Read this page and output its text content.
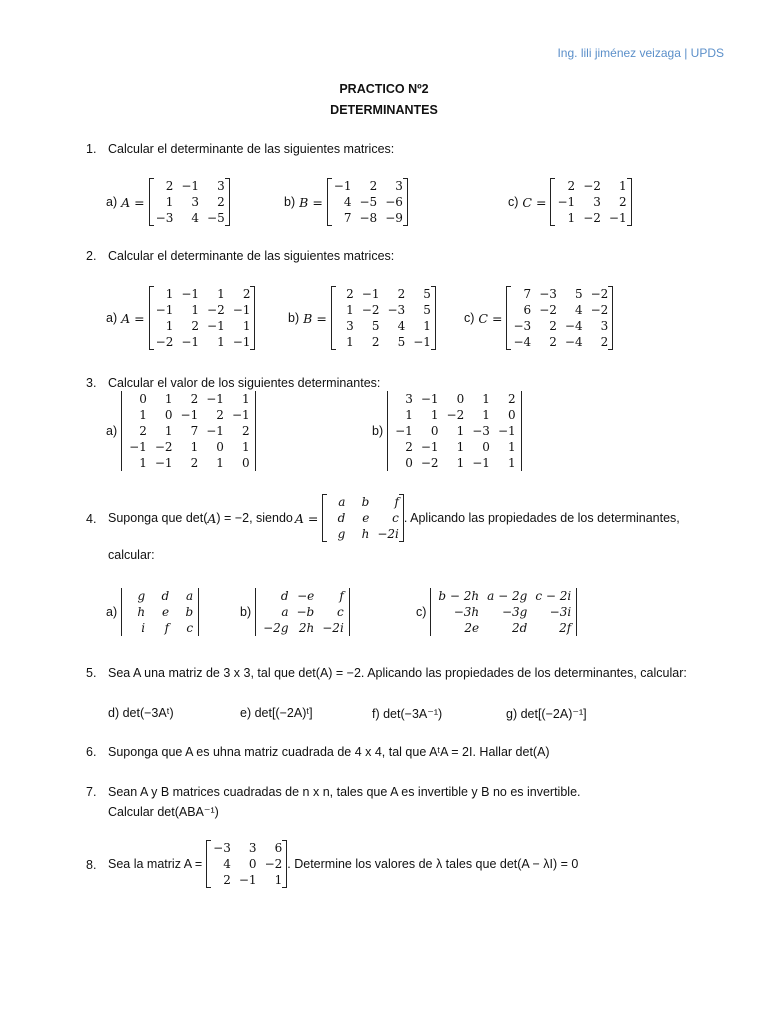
Ing. lili jiménez veizaga | UPDS
PRACTICO Nº2
DETERMINANTES
1. Calcular el determinante de las siguientes matrices:
a) A =
2	−1	3
1	3	2
−3	4	−5

b) B =
−1	2	3
4	−5	−6
7	−8	−9

c) C =
2	−2	1
−1	3	2
1	−2	−1

2. Calcular el determinante de las siguientes matrices:
a) A =
1	−1	1	2
−1	1	−2	−1
1	2	−1	1
−2	−1	1	−1

b) B =
2	−1	2	5
1	−2	−3	5
3	5	4	1
1	2	5	−1

c) C =
7	−3	5	−2
6	−2	4	−2
−3	2	−4	3
−4	2	−4	2

3. Calcular el valor de los siguientes determinantes:
a)
0	1	2	−1	1
1	0	−1	2	−1
2	1	7	−1	2
−1	−2	1	0	1
1	−1	2	1	0
b)
3	−1	0	1	2
1	1	−2	1	0
−1	0	1	−3	−1
2	−1	1	0	1
0	−2	1	−1	1
4. Suponga que det( A ) = −2, siendo A =
a	b	f
d	e	c
g	h	−2i

. Aplicando las propiedades de los determinantes,
calcular:
a)
g	d	a
h	e	b
i	f	c
b)
d	−e	f
a	−b	c
−2g	2h	−2i
c)
b − 2h	a − 2g	c − 2i
−3h	−3g	−3i
2e	2d	2f
5. Sea A una matriz de 3 x 3, tal que det(A) = −2. Aplicando las propiedades de los determinantes, calcular:
d) det(−3Aᵗ)	e) det[(−2A)ᵗ]	f) det(−3A⁻¹)	g) det[(−2A)⁻¹]
6. Suponga que A es uhna matriz cuadrada de 4 x 4, tal que AᵗA = 2I. Hallar det(A)
7. Sean A y B matrices cuadradas de n x n, tales que A es invertible y B no es invertible.
Calcular det(ABA⁻¹)
8. Sea la matriz A =
−3	3	6
4	0	−2
2	−1	1

. Determine los valores de λ tales que det(A − λI) = 0
